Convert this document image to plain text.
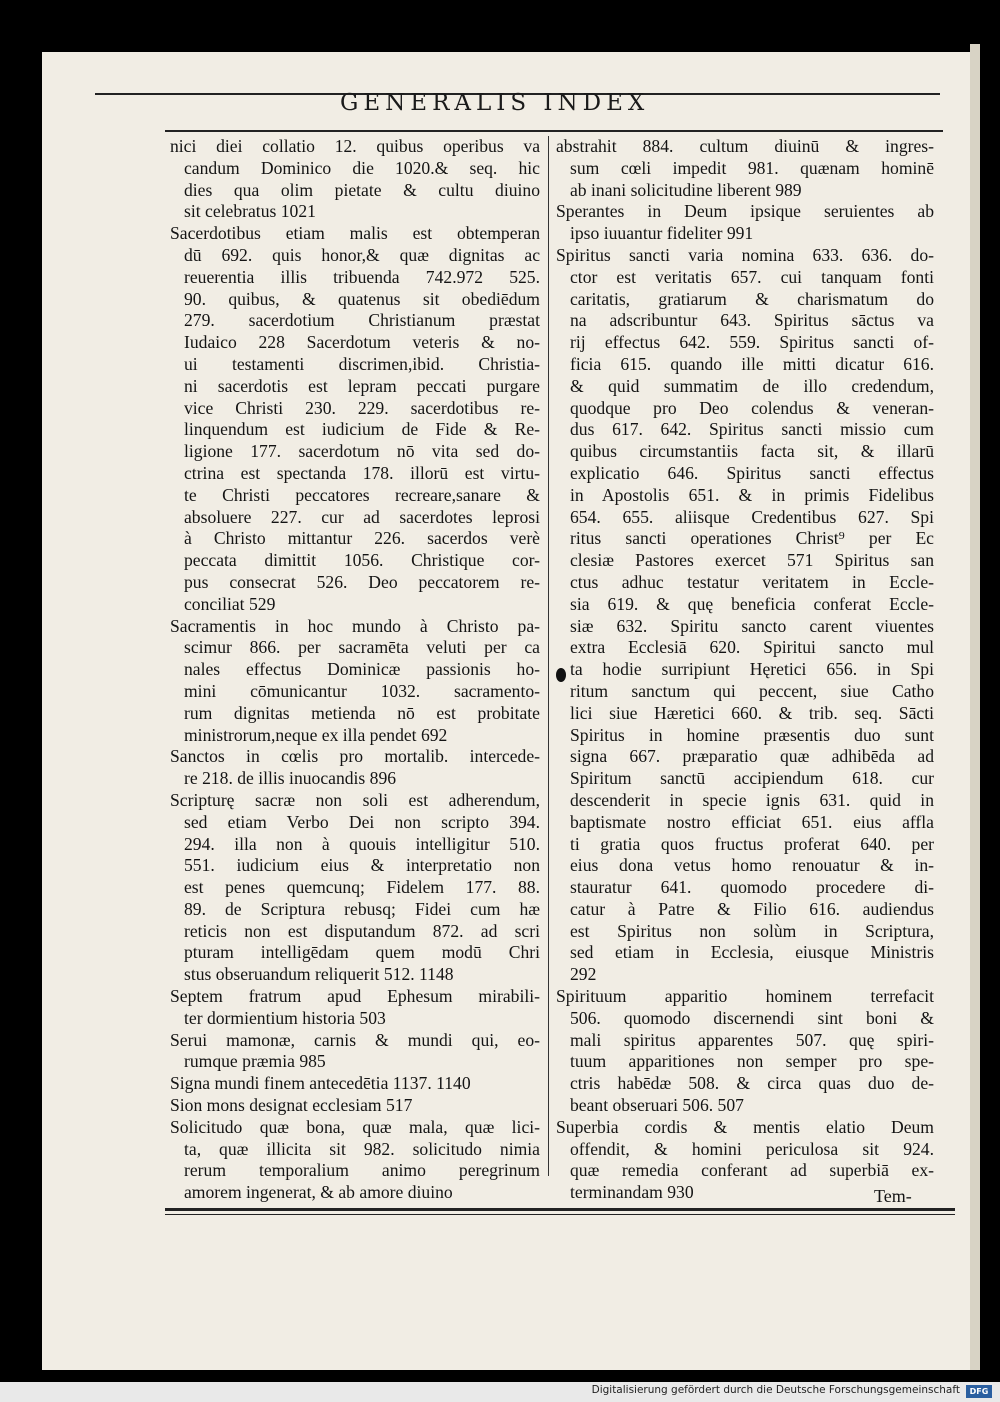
GENERALIS INDEX
nici diei collatio 12. quibus operibus va
candum Dominico die 1020.& seq. hic
dies qua olim pietate & cultu diuino
sit celebratus 1021
Sacerdotibus etiam malis est obtemperan
dū 692. quis honor,& quæ dignitas ac
reuerentia illis tribuenda 742.972 525.
90. quibus, & quatenus sit obediēdum
279. sacerdotium Christianum præstat
Iudaico 228 Sacerdotum veteris & no-
ui testamenti discrimen,ibid. Christia-
ni sacerdotis est lepram peccati purgare
vice Christi 230. 229. sacerdotibus re-
linquendum est iudicium de Fide & Re-
ligione 177. sacerdotum nō vita sed do-
ctrina est spectanda 178. illorū est virtu-
te Christi peccatores recreare,sanare &
absoluere 227. cur ad sacerdotes leprosi
à Christo mittantur 226. sacerdos verè
peccata dimittit 1056. Christique cor-
pus consecrat 526. Deo peccatorem re-
conciliat 529
Sacramentis in hoc mundo à Christo pa-
scimur 866. per sacramēta veluti per ca
nales effectus Dominicæ passionis ho-
mini cōmunicantur 1032. sacramento-
rum dignitas metienda nō est probitate
ministrorum,neque ex illa pendet 692
Sanctos in cœlis pro mortalib. intercede-
re 218. de illis inuocandis 896
Scripturę sacræ non soli est adherendum,
sed etiam Verbo Dei non scripto 394.
294. illa non à quouis intelligitur 510.
551. iudicium eius & interpretatio non
est penes quemcunq; Fidelem 177. 88.
89. de Scriptura rebusq; Fidei cum hæ
reticis non est disputandum 872. ad scri
pturam intelligēdam quem modū Chri
stus obseruandum reliquerit 512. 1148
Septem fratrum apud Ephesum mirabili-
ter dormientium historia 503
Serui mamonæ, carnis & mundi qui, eo-
rumque præmia 985
Signa mundi finem antecedētia 1137. 1140
Sion mons designat ecclesiam 517
Solicitudo quæ bona, quæ mala, quæ lici-
ta, quæ illicita sit 982. solicitudo nimia
rerum temporalium animo peregrinum
amorem ingenerat, & ab amore diuino
abstrahit 884. cultum diuinū & ingres-
sum cœli impedit 981. quænam hominē
ab inani solicitudine liberent 989
Sperantes in Deum ipsique seruientes ab
ipso iuuantur fideliter 991
Spiritus sancti varia nomina 633. 636. do-
ctor est veritatis 657. cui tanquam fonti
caritatis, gratiarum & charismatum do
na adscribuntur 643. Spiritus sāctus va
rij effectus 642. 559. Spiritus sancti of-
ficia 615. quando ille mitti dicatur 616.
& quid summatim de illo credendum,
quodque pro Deo colendus & veneran-
dus 617. 642. Spiritus sancti missio cum
quibus circumstantiis facta sit, & illarū
explicatio 646. Spiritus sancti effectus
in Apostolis 651. & in primis Fidelibus
654. 655. aliisque Credentibus 627. Spi
ritus sancti operationes Christ⁹ per Ec
clesiæ Pastores exercet 571 Spiritus san
ctus adhuc testatur veritatem in Eccle-
sia 619. & quę beneficia conferat Eccle-
siæ 632. Spiritu sancto carent viuentes
extra Ecclesiā 620. Spiritui sancto mul
ta hodie surripiunt Hęretici 656. in Spi
ritum sanctum qui peccent, siue Catho
lici siue Hæretici 660. & trib. seq. Sācti
Spiritus in homine præsentis duo sunt
signa 667. præparatio quæ adhibēda ad
Spiritum sanctū accipiendum 618. cur
descenderit in specie ignis 631. quid in
baptismate nostro efficiat 651. eius affla
ti gratia quos fructus proferat 640. per
eius dona vetus homo renouatur & in-
stauratur 641. quomodo procedere di-
catur à Patre & Filio 616. audiendus
est Spiritus non solùm in Scriptura,
sed etiam in Ecclesia, eiusque Ministris
292
Spirituum apparitio hominem terrefacit
506. quomodo discernendi sint boni &
mali spiritus apparentes 507. quę spiri-
tuum apparitiones non semper pro spe-
ctris habēdæ 508. & circa quas duo de-
beant obseruari 506. 507
Superbia cordis & mentis elatio Deum
offendit, & homini periculosa sit 924.
quæ remedia conferant ad superbiā ex-
terminandam 930	Tem-
Digitalisierung gefördert durch die Deutsche Forschungsgemeinschaft	DFG
